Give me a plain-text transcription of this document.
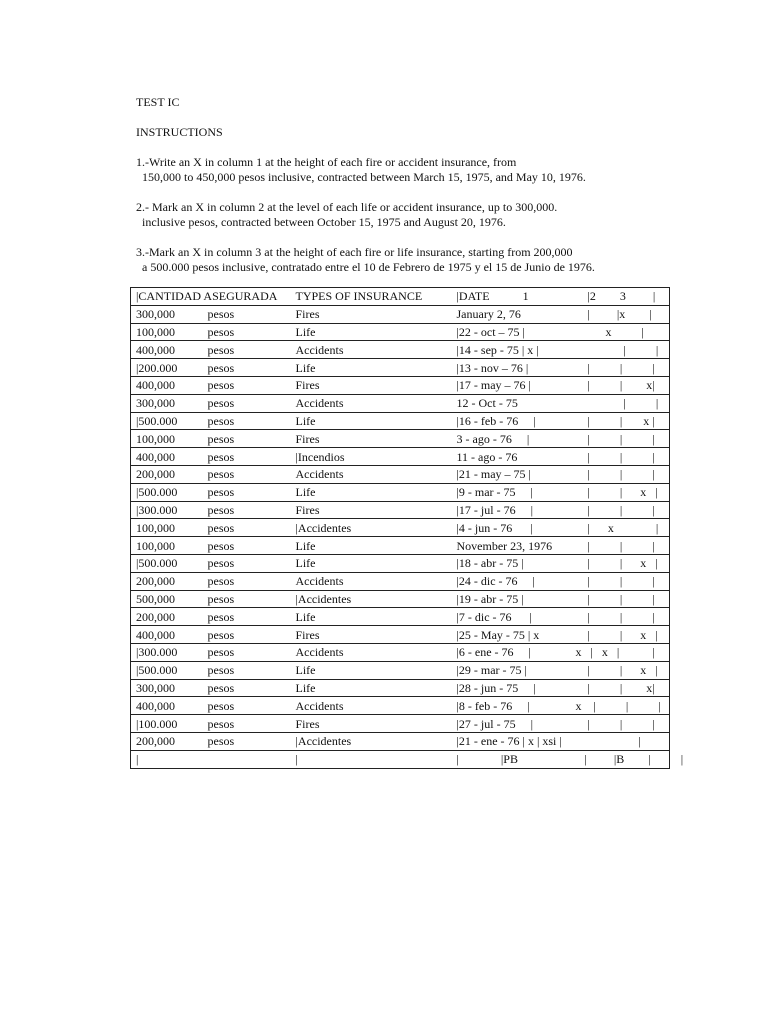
TEST IC

INSTRUCTIONS

1.-Write an X in column 1 at the height of each fire or accident insurance, from

150,000 to 450,000 pesos inclusive, contracted between March 15, 1975, and May 10, 1976.

2.- Mark an X in column 2 at the level of each life or accident insurance, up to 300,000.

inclusive pesos, contracted between October 15, 1975 and August 20, 1976.

3.-Mark an X in column 3 at the height of each fire or life insurance, starting from 200,000

a 500.000 pesos inclusive, contratado entre el 10 de Febrero de 1975 y el 15 de Junio de 1976.

|CANTIDAD ASEGURADA		TYPES OF INSURANCE	|DATE           1	|2        3         |
300,000	pesos	Fires	January 2, 76	|         |x        |
100,000	pesos	Life	|22 - oct – 75 |	x          |
400,000	pesos	Accidents	|14 - sep - 75 | x |	|          |
|200.000	pesos	Life	|13 - nov – 76 |	|          |          |
400,000	pesos	Fires	|17 - may – 76 |	|          |        x|
300,000	pesos	Accidents	12 - Oct - 75	|          |
|500.000	pesos	Life	|16 - feb - 76     |	|          |       x |
100,000	pesos	Fires	3 - ago - 76     |	|          |          |
400,000	pesos	|Incendios	11 - ago - 76	|          |          |
200,000	pesos	Accidents	|21 - may – 75 |	|          |          |
|500.000	pesos	Life	|9 - mar - 75     |	|          |      x   |
|300.000	pesos	Fires	|17 - jul - 76     |	|          |          |
100,000	pesos	|Accidentes	|4 - jun - 76      |	|      x              |
100,000	pesos	Life	November 23, 1976	|          |          |
|500.000	pesos	Life	|18 - abr - 75 |	|          |      x   |
200,000	pesos	Accidents	|24 - dic - 76     |	|          |          |
500,000	pesos	|Accidentes	|19 - abr - 75 |	|          |          |
200,000	pesos	Life	|7 - dic - 76      |	|          |          |
400,000	pesos	Fires	|25 - May - 75 | x	|          |      x   |
|300.000	pesos	Accidents	|6 - ene - 76     |	x   |   x   |           |
|500.000	pesos	Life	|29 - mar - 75 |	|          |      x   |
300,000	pesos	Life	|28 - jun - 75     |	|          |        x|
400,000	pesos	Accidents	|8 - feb - 76     |	x    |          |          |
|100.000	pesos	Fires	|27 - jul - 75     |	|          |          |
200,000	pesos	|Accidentes	|21 - ene - 76 | x | xsi |	|
|		|	|              |PB	|         |B        |          |
